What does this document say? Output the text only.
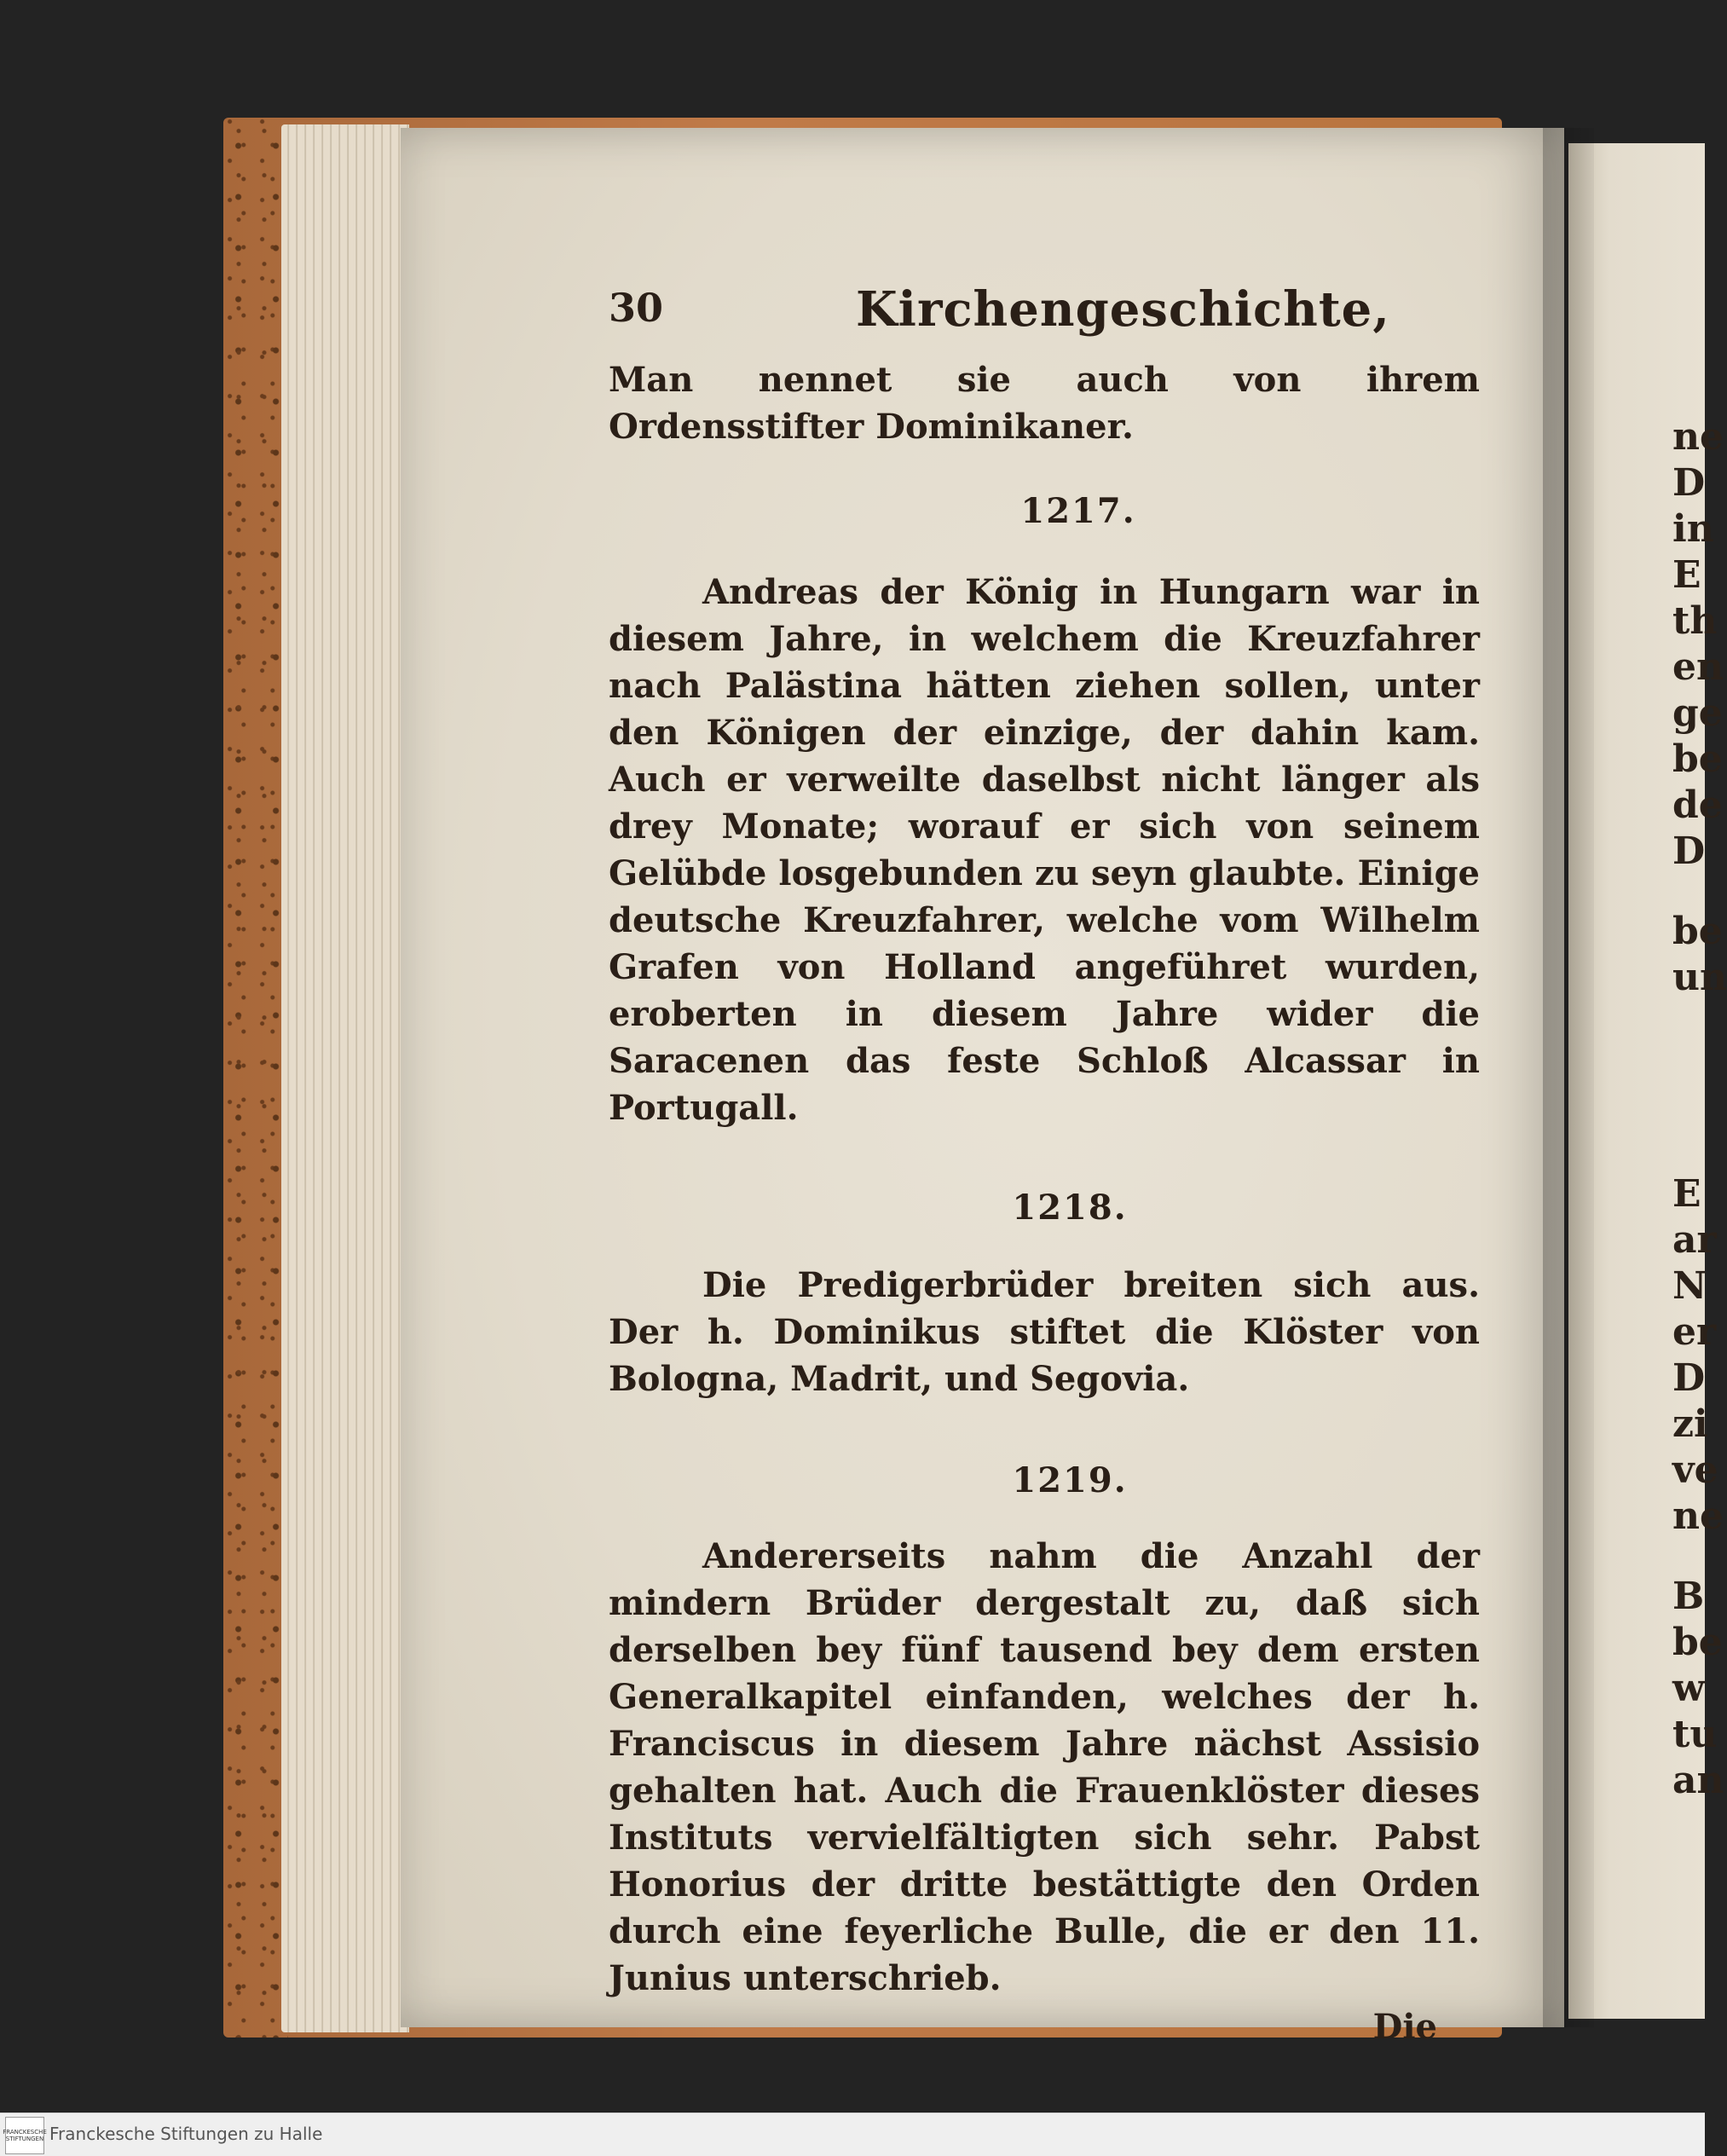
ne
D
in
E
th
en
ge
be
de
D
be
un
E
ar
N
er
D
zi
ve
ne
B
be
w
tu
an
30	Kirchengeschichte,

Man nennet sie auch von ihrem Ordensstifter Dominikaner.

1217.

Andreas der König in Hungarn war in diesem Jahre, in welchem die Kreuzfahrer nach Palästina hätten ziehen sollen, unter den Königen der einzige, der dahin kam. Auch er verweilte daselbst nicht länger als drey Monate; worauf er sich von seinem Gelübde losgebunden zu seyn glaubte. Einige deutsche Kreuzfahrer, welche vom Wilhelm Grafen von Holland angeführet wurden, eroberten in diesem Jahre wider die Saracenen das feste Schloß Alcassar in Portugall.

1218.

Die Predigerbrüder breiten sich aus. Der h. Dominikus stiftet die Klöster von Bologna, Madrit, und Segovia.

1219.

Andererseits nahm die Anzahl der mindern Brüder dergestalt zu, daß sich derselben bey fünf tausend bey dem ersten Generalkapitel einfanden, welches der h. Franciscus in diesem Jahre nächst Assisio gehalten hat. Auch die Frauenklöster dieses Instituts vervielfältigten sich sehr. Pabst Honorius der dritte bestättigte den Orden durch eine feyerliche Bulle, die er den 11. Junius unterschrieb.

Die

FRANCKESCHE STIFTUNGEN Franckesche Stiftungen zu Halle
